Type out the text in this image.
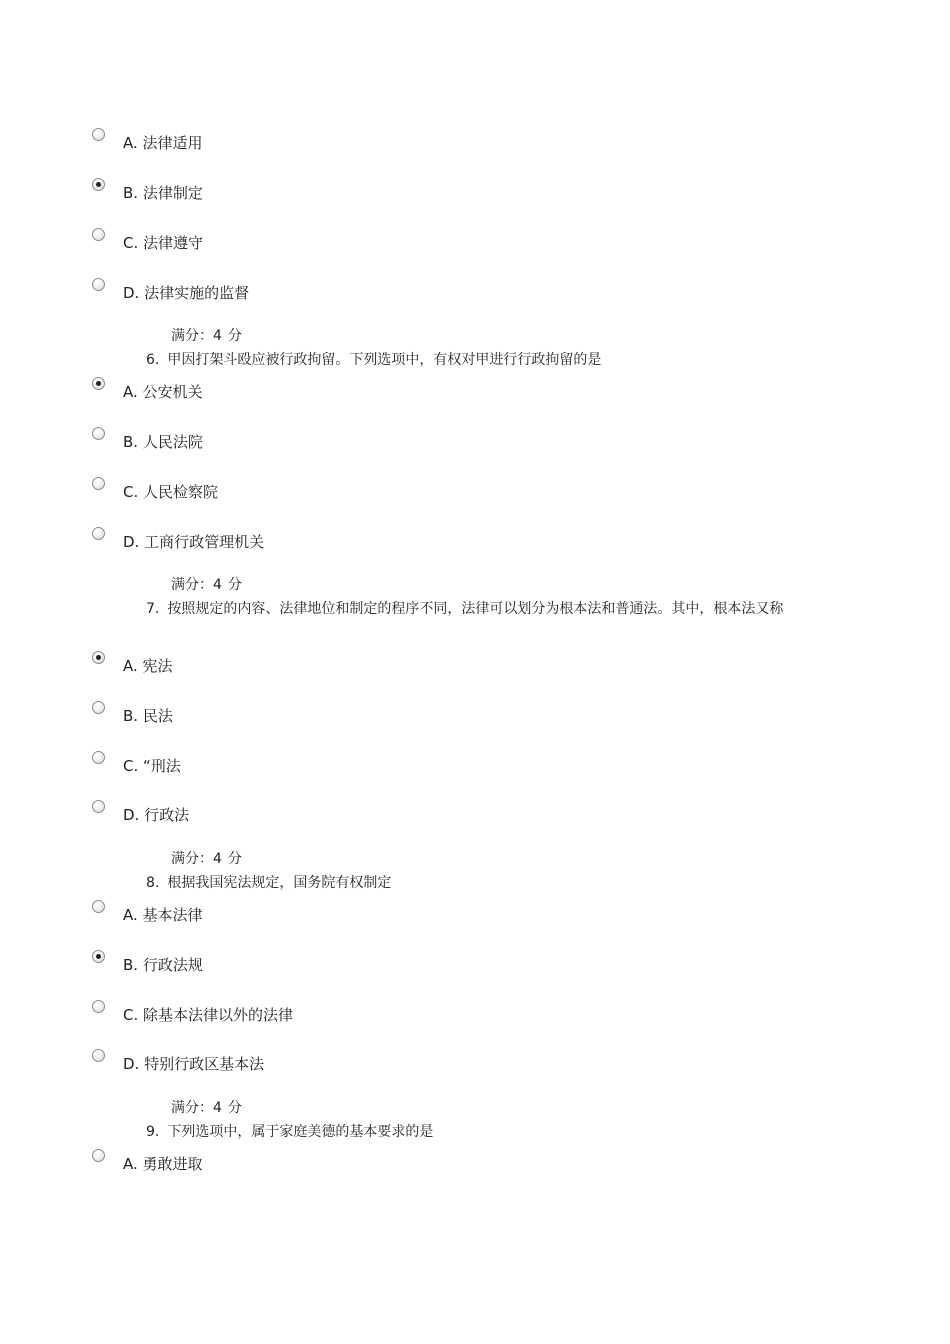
A. 法律适用
B. 法律制定
C. 法律遵守
D. 法律实施的监督
满分：4 分
6. 甲因打架斗殴应被行政拘留。下列选项中，有权对甲进行行政拘留的是
A. 公安机关
B. 人民法院
C. 人民检察院
D. 工商行政管理机关
满分：4 分
7. 按照规定的内容、法律地位和制定的程序不同，法律可以划分为根本法和普通法。其中，根本法又称
A. 宪法
B. 民法
C. “刑法
D. 行政法
满分：4 分
8. 根据我国宪法规定，国务院有权制定
A. 基本法律
B. 行政法规
C. 除基本法律以外的法律
D. 特别行政区基本法
满分：4 分
9. 下列选项中，属于家庭美德的基本要求的是
A. 勇敢进取
